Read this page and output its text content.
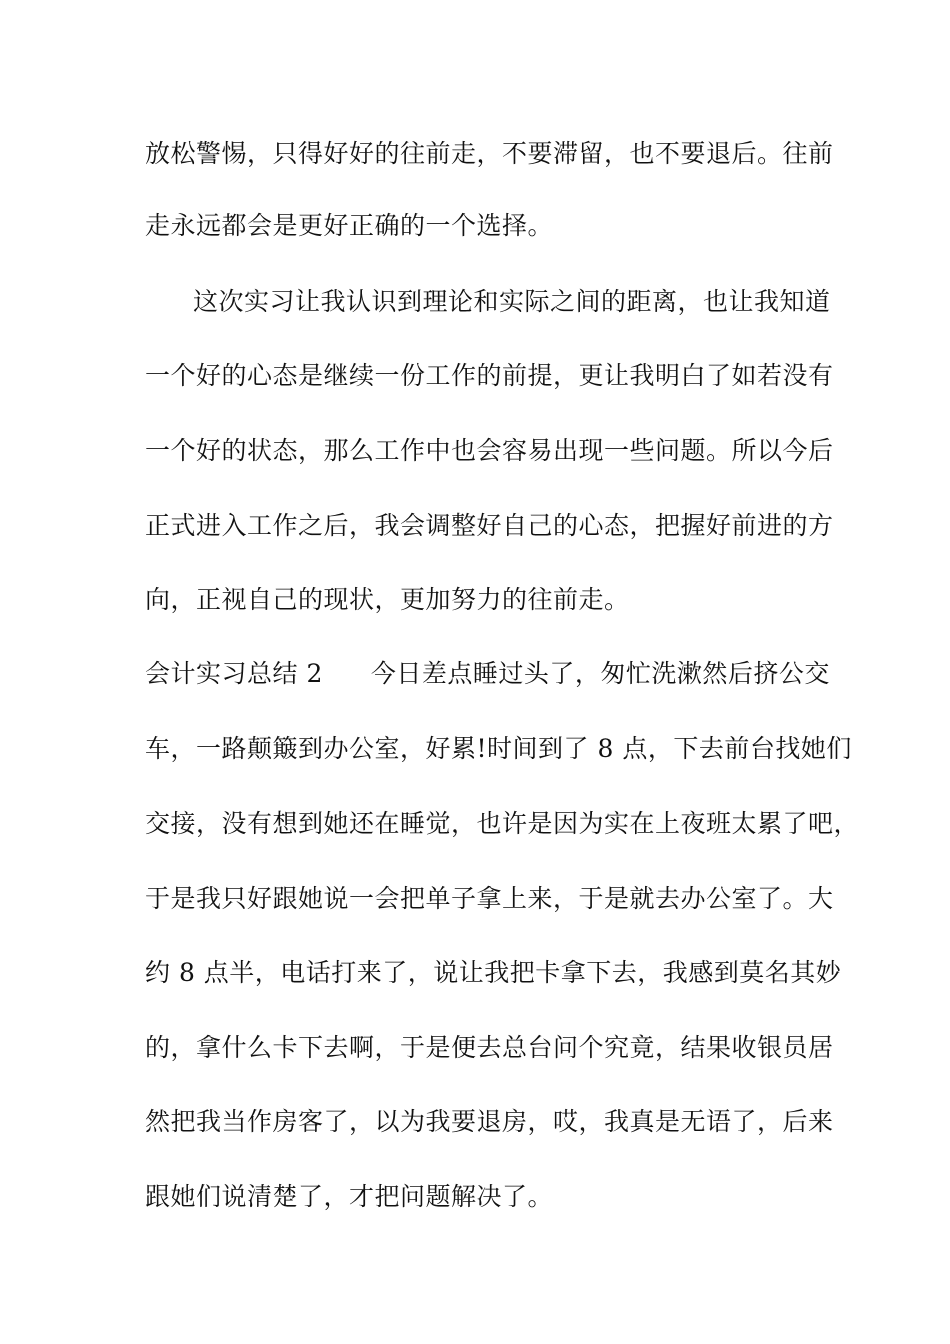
放松警惕，只得好好的往前走，不要滞留，也不要退后。往前
走永远都会是更好正确的一个选择。
这次实习让我认识到理论和实际之间的距离，也让我知道
一个好的心态是继续一份工作的前提，更让我明白了如若没有
一个好的状态，那么工作中也会容易出现一些问题。所以今后
正式进入工作之后，我会调整好自己的心态，把握好前进的方
向，正视自己的现状，更加努力的往前走。
会计实习总结 2 今日差点睡过头了，匆忙洗漱然后挤公交
车，一路颠簸到办公室，好累!时间到了 8 点，下去前台找她们
交接，没有想到她还在睡觉，也许是因为实在上夜班太累了吧，
于是我只好跟她说一会把单子拿上来，于是就去办公室了。大
约 8 点半，电话打来了，说让我把卡拿下去，我感到莫名其妙
的，拿什么卡下去啊，于是便去总台问个究竟，结果收银员居
然把我当作房客了，以为我要退房，哎，我真是无语了，后来
跟她们说清楚了，才把问题解决了。
